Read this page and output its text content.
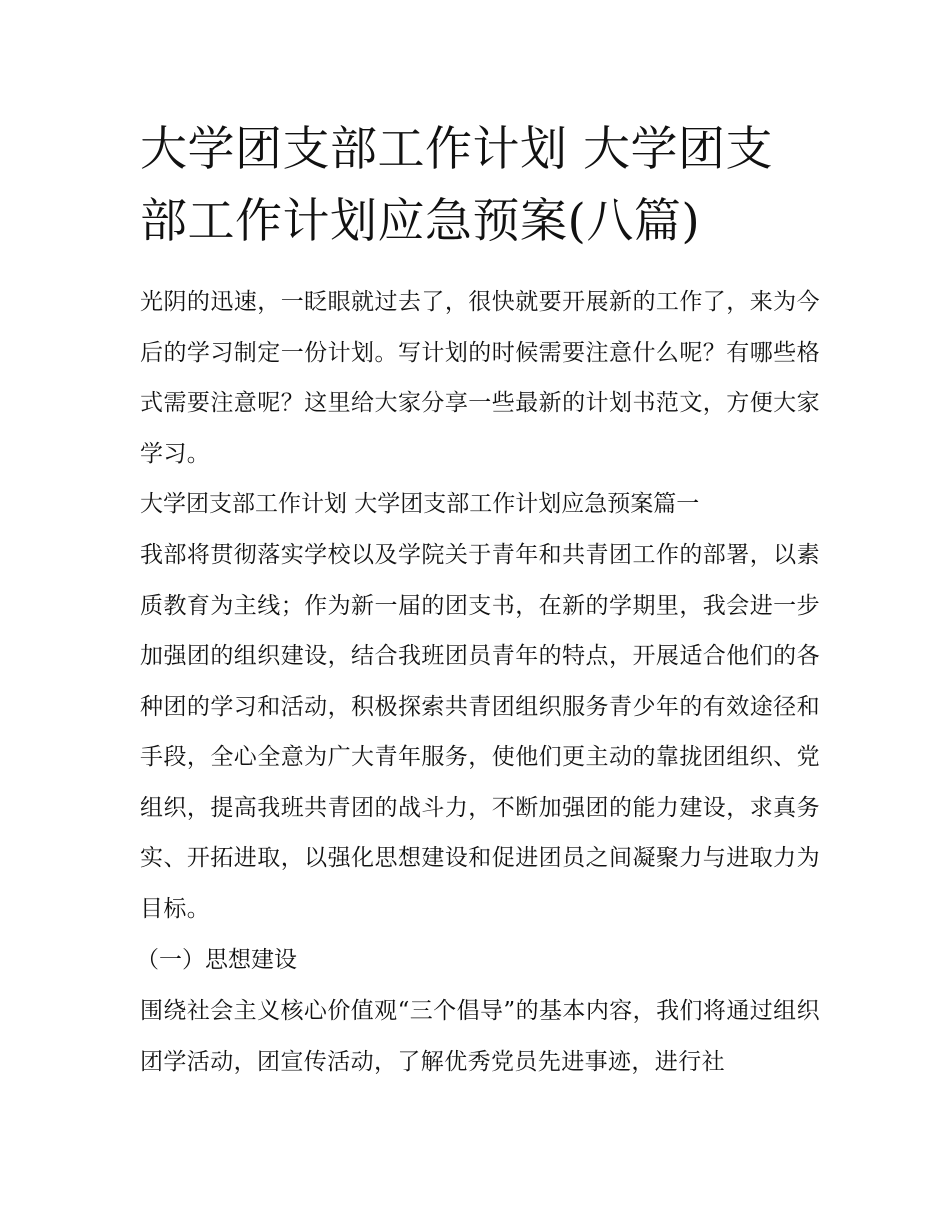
大学团支部工作计划 大学团支
部工作计划应急预案(八篇)

光阴的迅速，一眨眼就过去了，很快就要开展新的工作了，来为今后的学习制定一份计划。写计划的时候需要注意什么呢？有哪些格式需要注意呢？这里给大家分享一些最新的计划书范文，方便大家学习。

大学团支部工作计划 大学团支部工作计划应急预案篇一

我部将贯彻落实学校以及学院关于青年和共青团工作的部署，以素质教育为主线；作为新一届的团支书，在新的学期里，我会进一步加强团的组织建设，结合我班团员青年的特点，开展适合他们的各种团的学习和活动，积极探索共青团组织服务青少年的有效途径和手段，全心全意为广大青年服务，使他们更主动的靠拢团组织、党组织，提高我班共青团的战斗力，不断加强团的能力建设，求真务实、开拓进取，以强化思想建设和促进团员之间凝聚力与进取力为目标。

（一）思想建设

围绕社会主义核心价值观“三个倡导”的基本内容，我们将通过组织团学活动，团宣传活动，了解优秀党员先进事迹，进行社
